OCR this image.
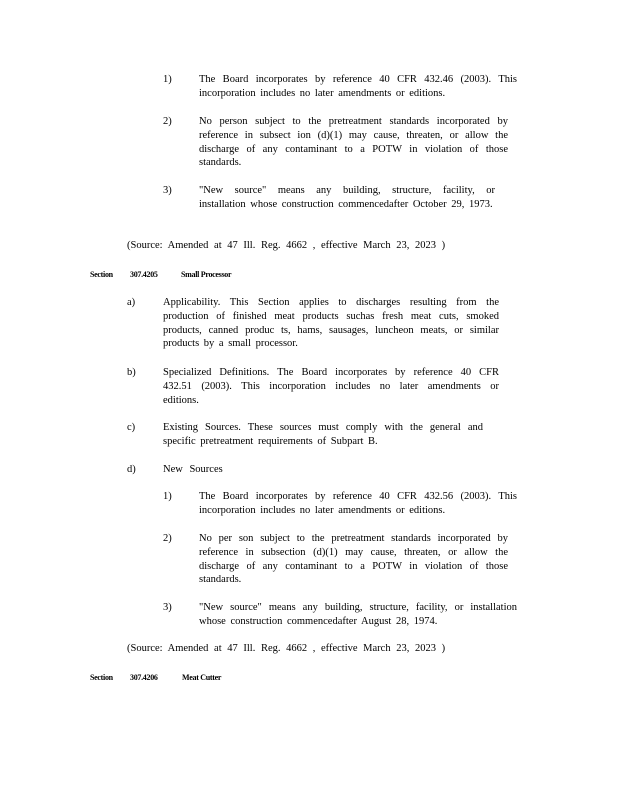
1)	The Board incorporates by reference 40 CFR 432.46 (2003). This incorporation includes no later amendments or editions.
2)	No person subject to the pretreatment standards incorporated by reference in subsect ion (d)(1) may cause, threaten, or allow the discharge of any contaminant to a POTW in violation of those standards.
3)	"New source" means any building, structure, facility, or installation whose construction commencedafter October 29, 1973.
(Source: Amended at 47 Ill. Reg. 4662 , effective March 23, 2023 )
Section 307.4205	Small Processor
a)	Applicability. This Section applies to discharges resulting from the production of finished meat products suchas fresh meat cuts, smoked products, canned produc ts, hams, sausages, luncheon meats, or similar products by a small processor.
b)	Specialized Definitions. The Board incorporates by reference 40 CFR 432.51 (2003). This incorporation includes no later amendments or editions.
c)	Existing Sources. These sources must comply with the general and specific pretreatment requirements of Subpart B.
d)	New Sources
1)	The Board incorporates by reference 40 CFR 432.56 (2003). This incorporation includes no later amendments or editions.
2)	No per son subject to the pretreatment standards incorporated by reference in subsection (d)(1) may cause, threaten, or allow the discharge of any contaminant to a POTW in violation of those standards.
3)	"New source" means any building, structure, facility, or installation whose construction commencedafter August 28, 1974.
(Source: Amended at 47 Ill. Reg. 4662 , effective March 23, 2023 )
Section 307.4206	Meat Cutter
